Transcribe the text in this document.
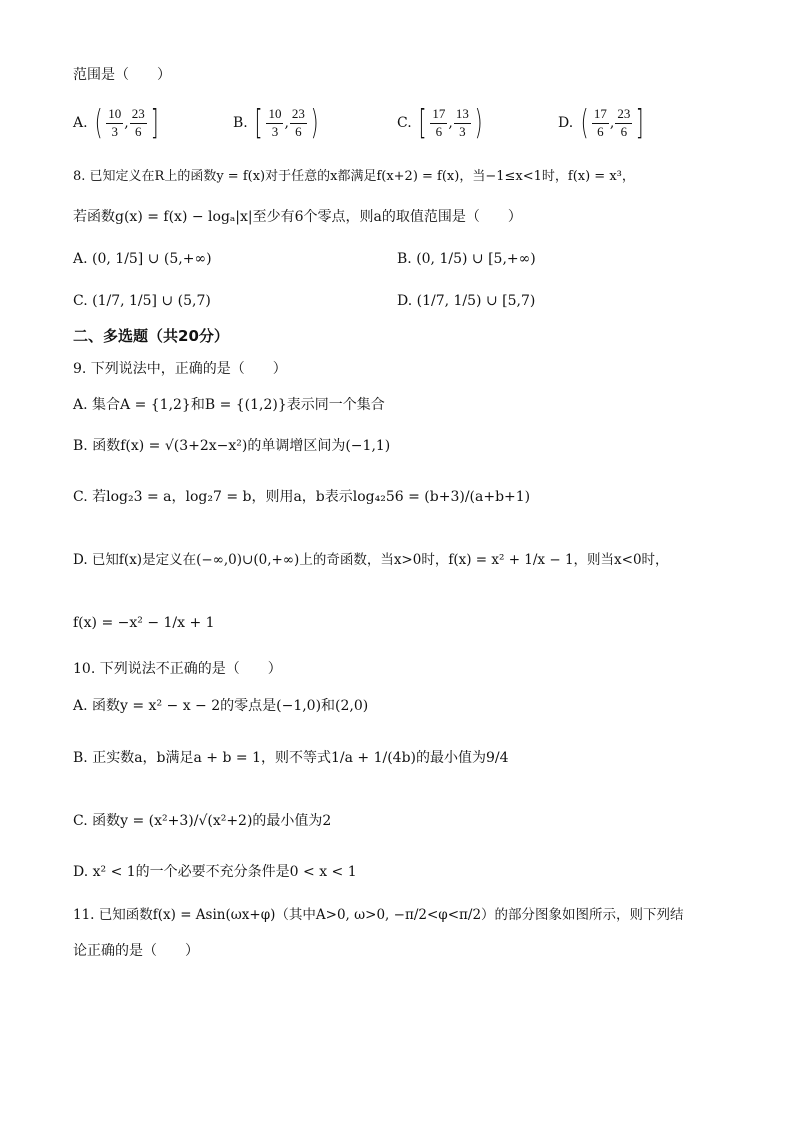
范围是（　　）
A. ( $\frac{10}{3}$ , $\frac{23}{6}$ ]	B. [ $\frac{10}{3}$ , $\frac{23}{6}$ )	C. [ $\frac{17}{6}$ , $\frac{13}{3}$ )	D. ( $\frac{17}{6}$ , $\frac{23}{6}$ ]
8. 已知定义在R上的函数y = f(x)对于任意的x都满足f(x+2) = f(x)，当−1≤x<1时，f(x) = x³，
若函数g(x) = f(x) − logₐ|x|至少有6个零点，则a的取值范围是（　　）
A. (0, 1/5] ∪ (5,+∞)	B. (0, 1/5) ∪ [5,+∞)
C. (1/7, 1/5] ∪ (5,7)	D. (1/7, 1/5) ∪ [5,7)
二、多选题（共20分）
9. 下列说法中，正确的是（　　）
A. 集合A = {1,2}和B = {(1,2)}表示同一个集合
B. 函数f(x) = √(3+2x−x²)的单调增区间为(−1,1)
C. 若log₂3 = a，log₂7 = b，则用a，b表示log₄₂56 = (b+3)/(a+b+1)
D. 已知f(x)是定义在(−∞,0)∪(0,+∞)上的奇函数，当x>0时，f(x) = x² + 1/x − 1，则当x<0时，
f(x) = −x² − 1/x + 1
10. 下列说法不正确的是（　　）
A. 函数y = x² − x − 2的零点是(−1,0)和(2,0)
B. 正实数a，b满足a + b = 1，则不等式1/a + 1/(4b)的最小值为9/4
C. 函数y = (x²+3)/√(x²+2)的最小值为2
D. x² < 1的一个必要不充分条件是0 < x < 1
11. 已知函数f(x) = Asin(ωx+φ)（其中A>0, ω>0, −π/2<φ<π/2）的部分图象如图所示，则下列结
论正确的是（　　）
